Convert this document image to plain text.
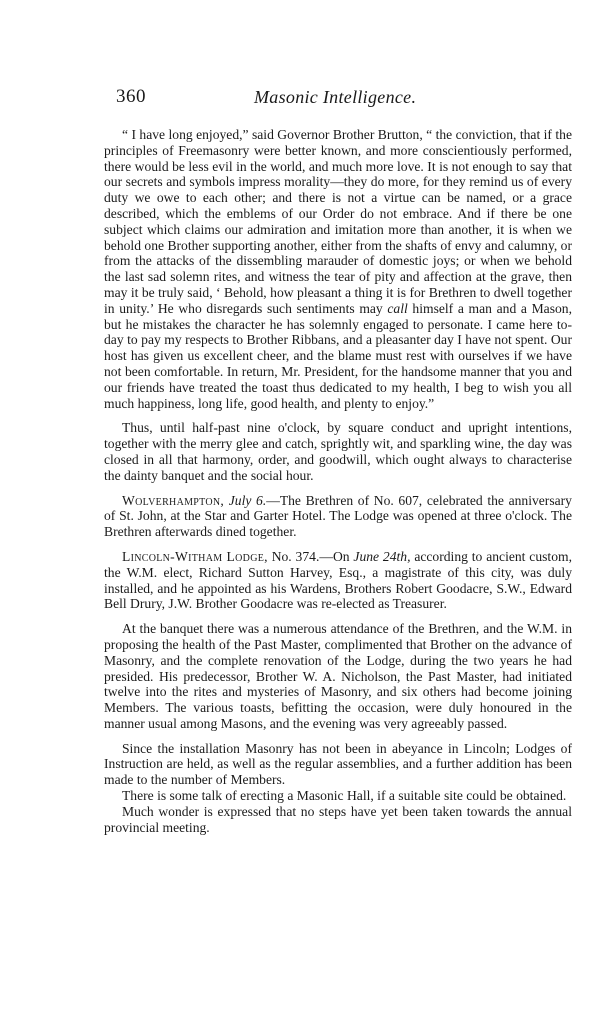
360	Masonic Intelligence.

“ I have long enjoyed,” said Governor Brother Brutton, “ the conviction, that if the principles of Freemasonry were better known, and more conscientiously performed, there would be less evil in the world, and much more love. It is not enough to say that our secrets and symbols impress morality—they do more, for they remind us of every duty we owe to each other; and there is not a virtue can be named, or a grace described, which the emblems of our Order do not embrace. And if there be one subject which claims our admiration and imitation more than another, it is when we behold one Brother supporting another, either from the shafts of envy and calumny, or from the attacks of the dissembling marauder of domestic joys; or when we behold the last sad solemn rites, and witness the tear of pity and affection at the grave, then may it be truly said, ‘ Behold, how pleasant a thing it is for Brethren to dwell together in unity.’ He who disregards such sentiments may call himself a man and a Mason, but he mistakes the character he has solemnly engaged to personate. I came here to-day to pay my respects to Brother Ribbans, and a pleasanter day I have not spent. Our host has given us excellent cheer, and the blame must rest with ourselves if we have not been comfortable. In return, Mr. President, for the handsome manner that you and our friends have treated the toast thus dedicated to my health, I beg to wish you all much happiness, long life, good health, and plenty to enjoy.”

Thus, until half-past nine o'clock, by square conduct and upright intentions, together with the merry glee and catch, sprightly wit, and sparkling wine, the day was closed in all that harmony, order, and goodwill, which ought always to characterise the dainty banquet and the social hour.

Wolverhampton, July 6.—The Brethren of No. 607, celebrated the anniversary of St. John, at the Star and Garter Hotel. The Lodge was opened at three o'clock. The Brethren afterwards dined together.

Lincoln-Witham Lodge, No. 374.—On June 24th, according to ancient custom, the W.M. elect, Richard Sutton Harvey, Esq., a magistrate of this city, was duly installed, and he appointed as his Wardens, Brothers Robert Goodacre, S.W., Edward Bell Drury, J.W. Brother Goodacre was re-elected as Treasurer.

At the banquet there was a numerous attendance of the Brethren, and the W.M. in proposing the health of the Past Master, complimented that Brother on the advance of Masonry, and the complete renovation of the Lodge, during the two years he had presided. His predecessor, Brother W. A. Nicholson, the Past Master, had initiated twelve into the rites and mysteries of Masonry, and six others had become joining Members. The various toasts, befitting the occasion, were duly honoured in the manner usual among Masons, and the evening was very agreeably passed.

Since the installation Masonry has not been in abeyance in Lincoln; Lodges of Instruction are held, as well as the regular assemblies, and a further addition has been made to the number of Members.

There is some talk of erecting a Masonic Hall, if a suitable site could be obtained.

Much wonder is expressed that no steps have yet been taken towards the annual provincial meeting.
